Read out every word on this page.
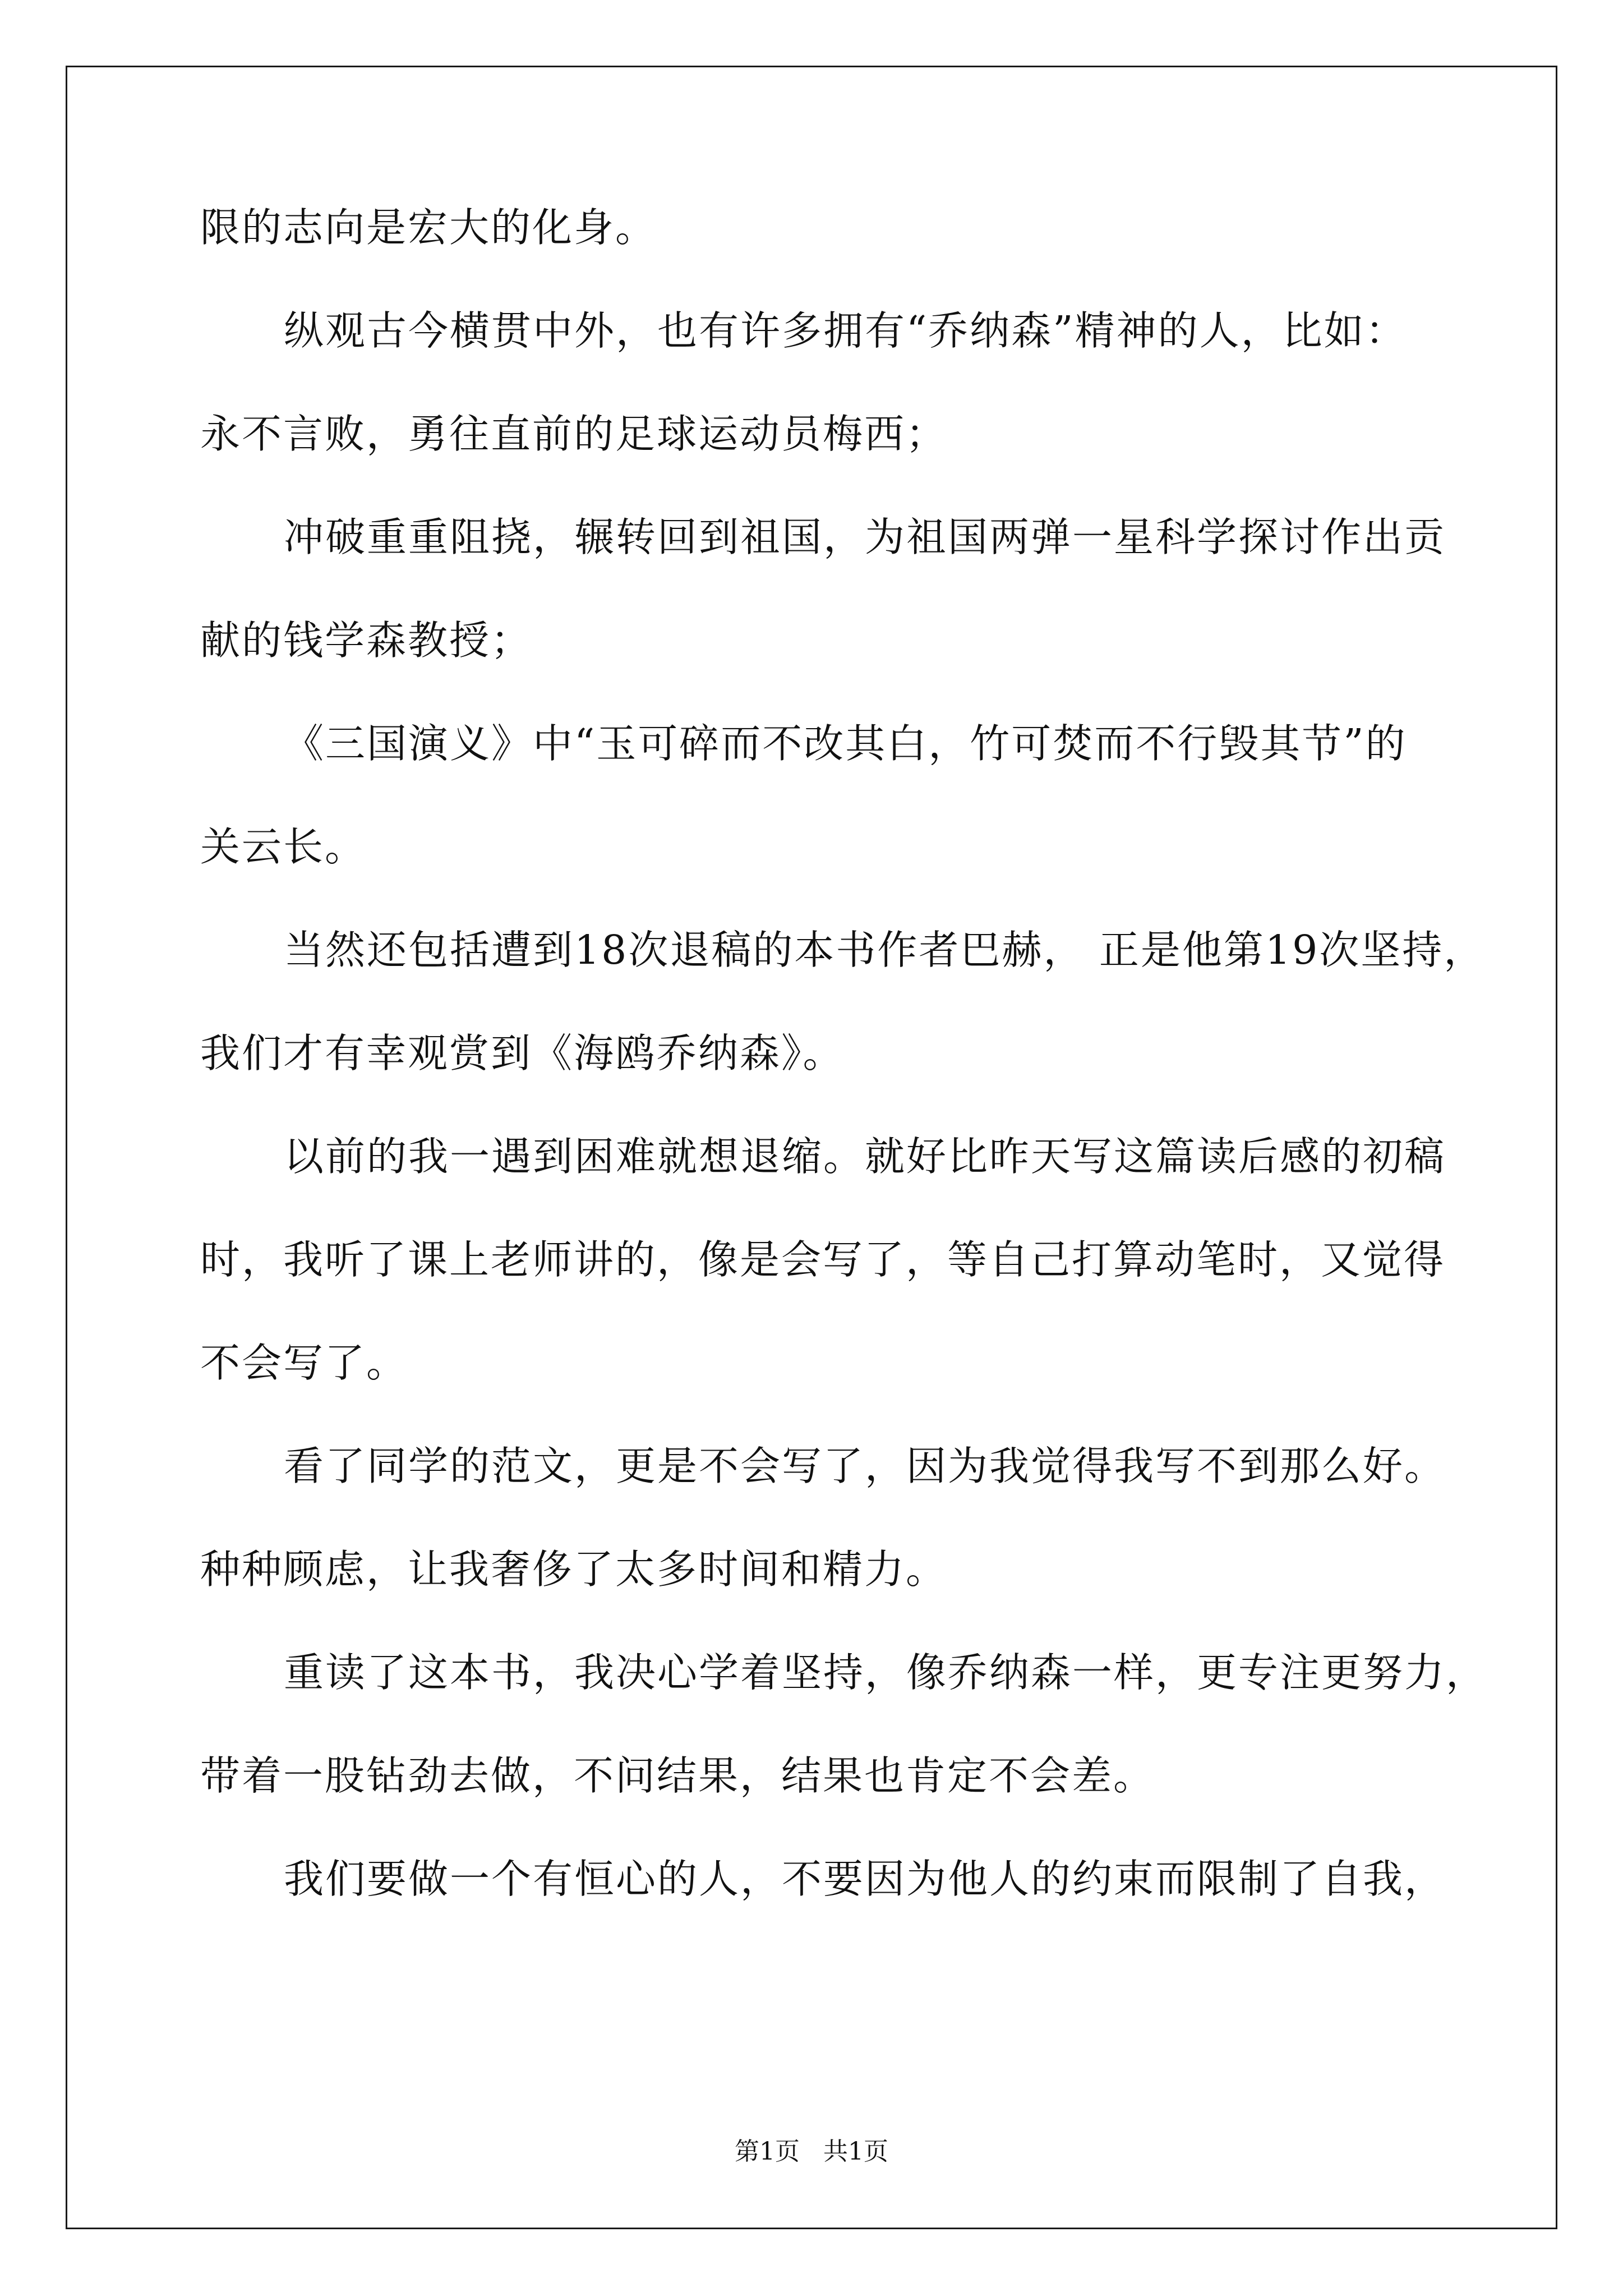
限的志向是宏大的化身。
纵观古今横贯中外，也有许多拥有“乔纳森”精神的人，比如：
永不言败，勇往直前的足球运动员梅西；
冲破重重阻挠，辗转回到祖国，为祖国两弹一星科学探讨作出贡
献的钱学森教授；
《三国演义》中“玉可碎而不改其白，竹可焚而不行毁其节”的
关云长。
当然还包括遭到18次退稿的本书作者巴赫， 正是他第19次坚持，
我们才有幸观赏到《海鸥乔纳森》。
以前的我一遇到困难就想退缩。就好比昨天写这篇读后感的初稿
时，我听了课上老师讲的，像是会写了，等自己打算动笔时，又觉得
不会写了。
看了同学的范文，更是不会写了，因为我觉得我写不到那么好。
种种顾虑，让我奢侈了太多时间和精力。
重读了这本书，我决心学着坚持，像乔纳森一样，更专注更努力，
带着一股钻劲去做，不问结果，结果也肯定不会差。
我们要做一个有恒心的人，不要因为他人的约束而限制了自我，
第1页   共1页
